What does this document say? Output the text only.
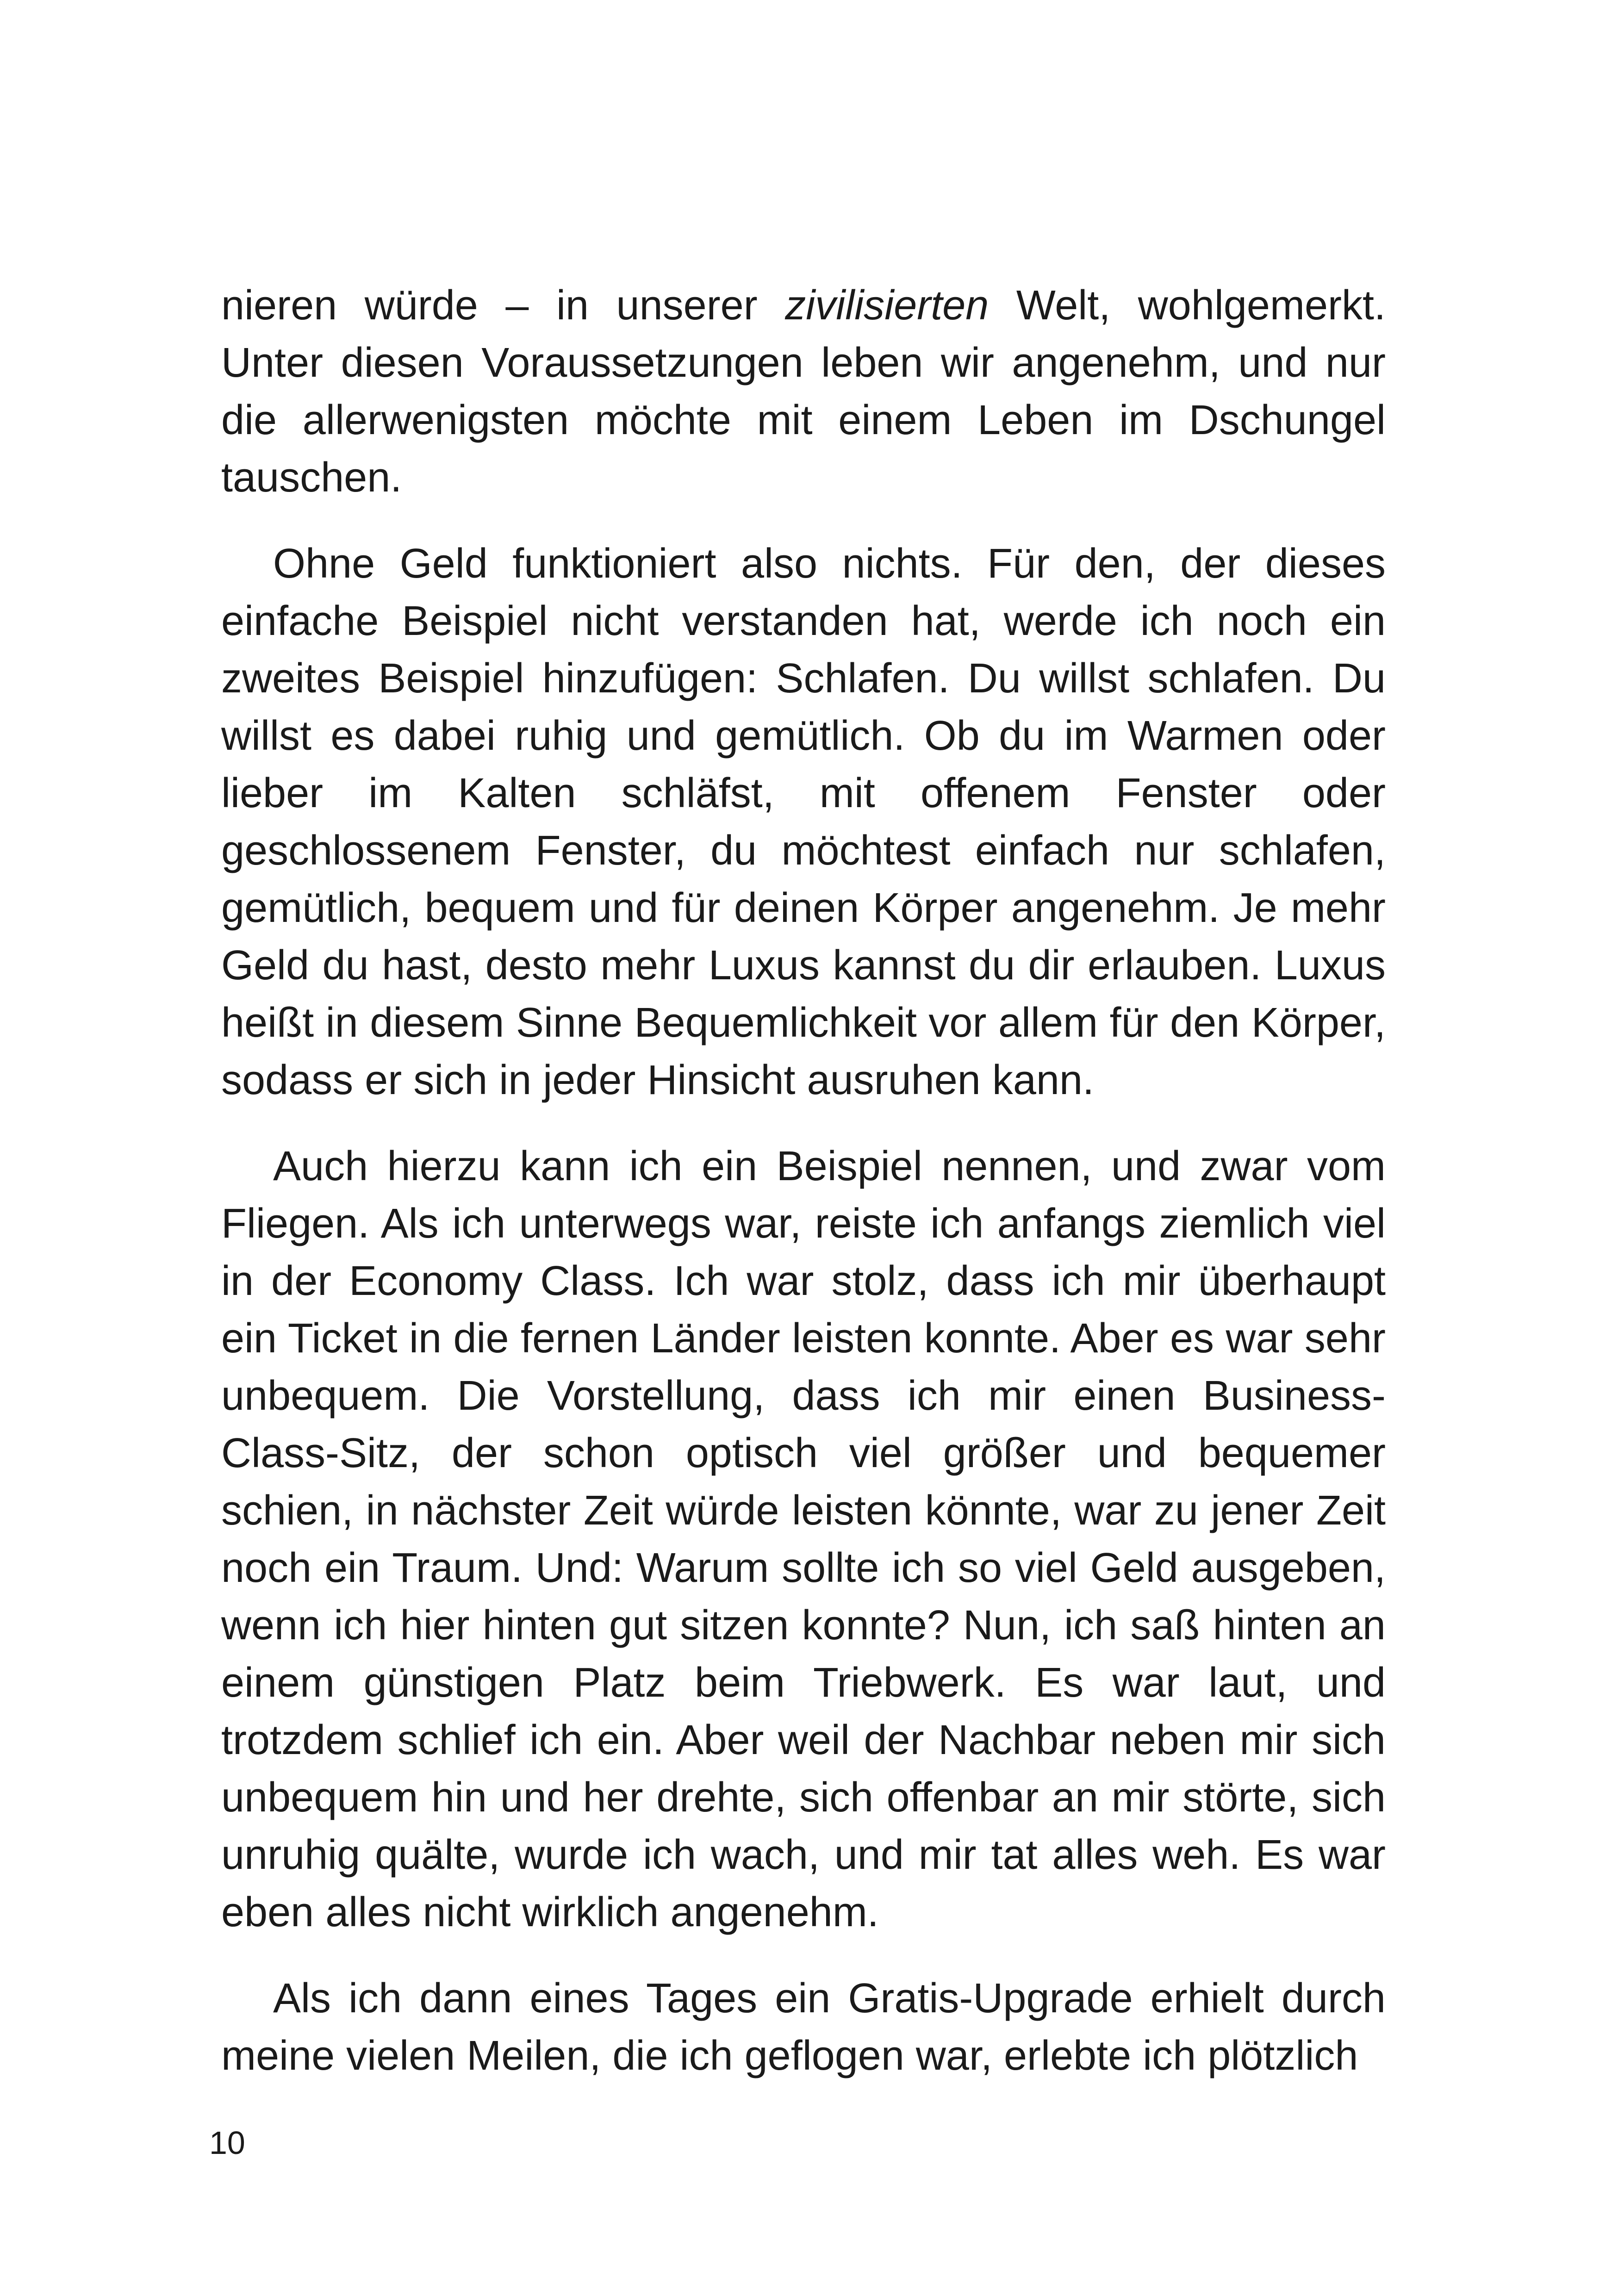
nieren würde – in unserer zivilisierten Welt, wohlgemerkt. Unter diesen Voraussetzungen leben wir angenehm, und nur die allerwenigsten möchte mit einem Leben im Dschungel tauschen.

Ohne Geld funktioniert also nichts. Für den, der dieses einfache Beispiel nicht verstanden hat, werde ich noch ein zweites Beispiel hinzufügen: Schlafen. Du willst schlafen. Du willst es dabei ruhig und gemütlich. Ob du im Warmen oder lieber im Kalten schläfst, mit offenem Fenster oder geschlossenem Fenster, du möchtest einfach nur schlafen, gemütlich, bequem und für deinen Körper angenehm. Je mehr Geld du hast, desto mehr Luxus kannst du dir erlauben. Luxus heißt in diesem Sinne Bequemlichkeit vor allem für den Körper, sodass er sich in jeder Hinsicht ausruhen kann.

Auch hierzu kann ich ein Beispiel nennen, und zwar vom Fliegen. Als ich unterwegs war, reiste ich anfangs ziemlich viel in der Economy Class. Ich war stolz, dass ich mir überhaupt ein Ticket in die fernen Länder leisten konnte. Aber es war sehr unbequem. Die Vorstellung, dass ich mir einen Business-Class-Sitz, der schon optisch viel größer und bequemer schien, in nächster Zeit würde leisten könnte, war zu jener Zeit noch ein Traum. Und: Warum sollte ich so viel Geld ausgeben, wenn ich hier hinten gut sitzen konnte? Nun, ich saß hinten an einem günstigen Platz beim Triebwerk. Es war laut, und trotzdem schlief ich ein. Aber weil der Nachbar neben mir sich unbequem hin und her drehte, sich offenbar an mir störte, sich unruhig quälte, wurde ich wach, und mir tat alles weh. Es war eben alles nicht wirklich angenehm.

Als ich dann eines Tages ein Gratis-Upgrade erhielt durch meine vielen Meilen, die ich geflogen war, erlebte ich plötzlich

10
